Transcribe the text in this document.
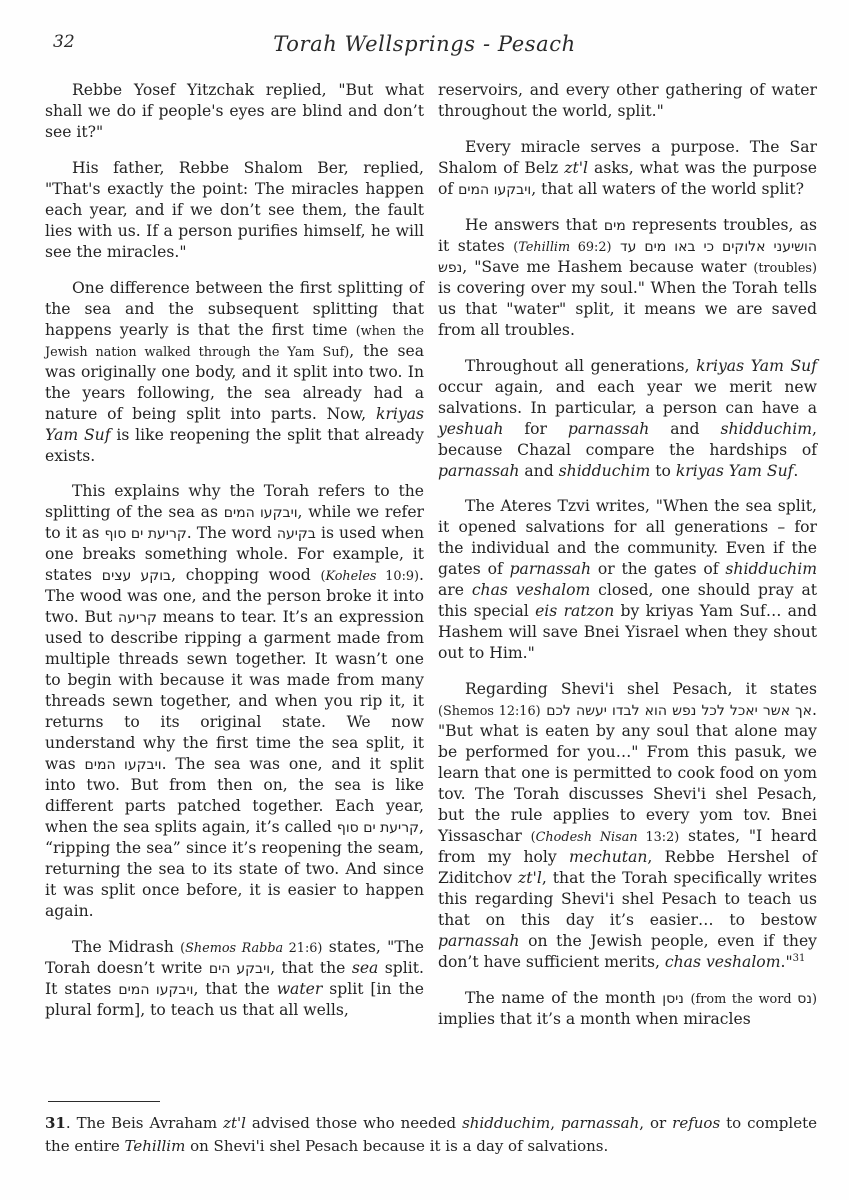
32	Torah Wellsprings - Pesach

Rebbe Yosef Yitzchak replied, "But what shall we do if people's eyes are blind and don’t see it?"

His father, Rebbe Shalom Ber, replied, "That's exactly the point: The miracles happen each year, and if we don’t see them, the fault lies with us. If a person purifies himself, he will see the miracles."

One difference between the first splitting of the sea and the subsequent splitting that happens yearly is that the first time (when the Jewish nation walked through the Yam Suf), the sea was originally one body, and it split into two. In the years following, the sea already had a nature of being split into parts. Now, kriyas Yam Suf is like reopening the split that already exists.

This explains why the Torah refers to the splitting of the sea as ויבקעו המים, while we refer to it as קריעת ים סוף. The word בקיעה is used when one breaks something whole. For example, it states בוקע עצים, chopping wood (Koheles 10:9). The wood was one, and the person broke it into two. But קריעה means to tear. It’s an expression used to describe ripping a garment made from multiple threads sewn together. It wasn’t one to begin with because it was made from many threads sewn together, and when you rip it, it returns to its original state. We now understand why the first time the sea split, it was ויבקעו המים. The sea was one, and it split into two. But from then on, the sea is like different parts patched together. Each year, when the sea splits again, it’s called קריעת ים סוף, “ripping the sea” since it’s reopening the seam, returning the sea to its state of two. And since it was split once before, it is easier to happen again.

The Midrash (Shemos Rabba 21:6) states, "The Torah doesn’t write ויבקע הים, that the sea split. It states ויבקעו המים, that the water split [in the plural form], to teach us that all wells,

reservoirs, and every other gathering of water throughout the world, split."

Every miracle serves a purpose. The Sar Shalom of Belz zt'l asks, what was the purpose of ויבקעו המים, that all waters of the world split?

He answers that מים represents troubles, as it states (Tehillim 69:2) הושיעני אלוקים כי באו מים עד נפש, "Save me Hashem because water (troubles) is covering over my soul." When the Torah tells us that "water" split, it means we are saved from all troubles.

Throughout all generations, kriyas Yam Suf occur again, and each year we merit new salvations. In particular, a person can have a yeshuah for parnassah and shidduchim, because Chazal compare the hardships of parnassah and shidduchim to kriyas Yam Suf.

The Ateres Tzvi writes, "When the sea split, it opened salvations for all generations – for the individual and the community. Even if the gates of parnassah or the gates of shidduchim are chas veshalom closed, one should pray at this special eis ratzon by kriyas Yam Suf… and Hashem will save Bnei Yisrael when they shout out to Him."

Regarding Shevi'i shel Pesach, it states (Shemos 12:16) אך אשר יאכל לכל נפש הוא לבדו יעשה לכם. "But what is eaten by any soul that alone may be performed for you…" From this pasuk, we learn that one is permitted to cook food on yom tov. The Torah discusses Shevi'i shel Pesach, but the rule applies to every yom tov. Bnei Yissaschar (Chodesh Nisan 13:2) states, "I heard from my holy mechutan, Rebbe Hershel of Ziditchov zt'l, that the Torah specifically writes this regarding Shevi'i shel Pesach to teach us that on this day it’s easier… to bestow parnassah on the Jewish people, even if they don’t have sufficient merits, chas veshalom."$^{31}$

The name of the month ניסן (from the word נס) implies that it’s a month when miracles

31. The Beis Avraham zt'l advised those who needed shidduchim, parnassah, or refuos to complete the entire Tehillim on Shevi'i shel Pesach because it is a day of salvations.
